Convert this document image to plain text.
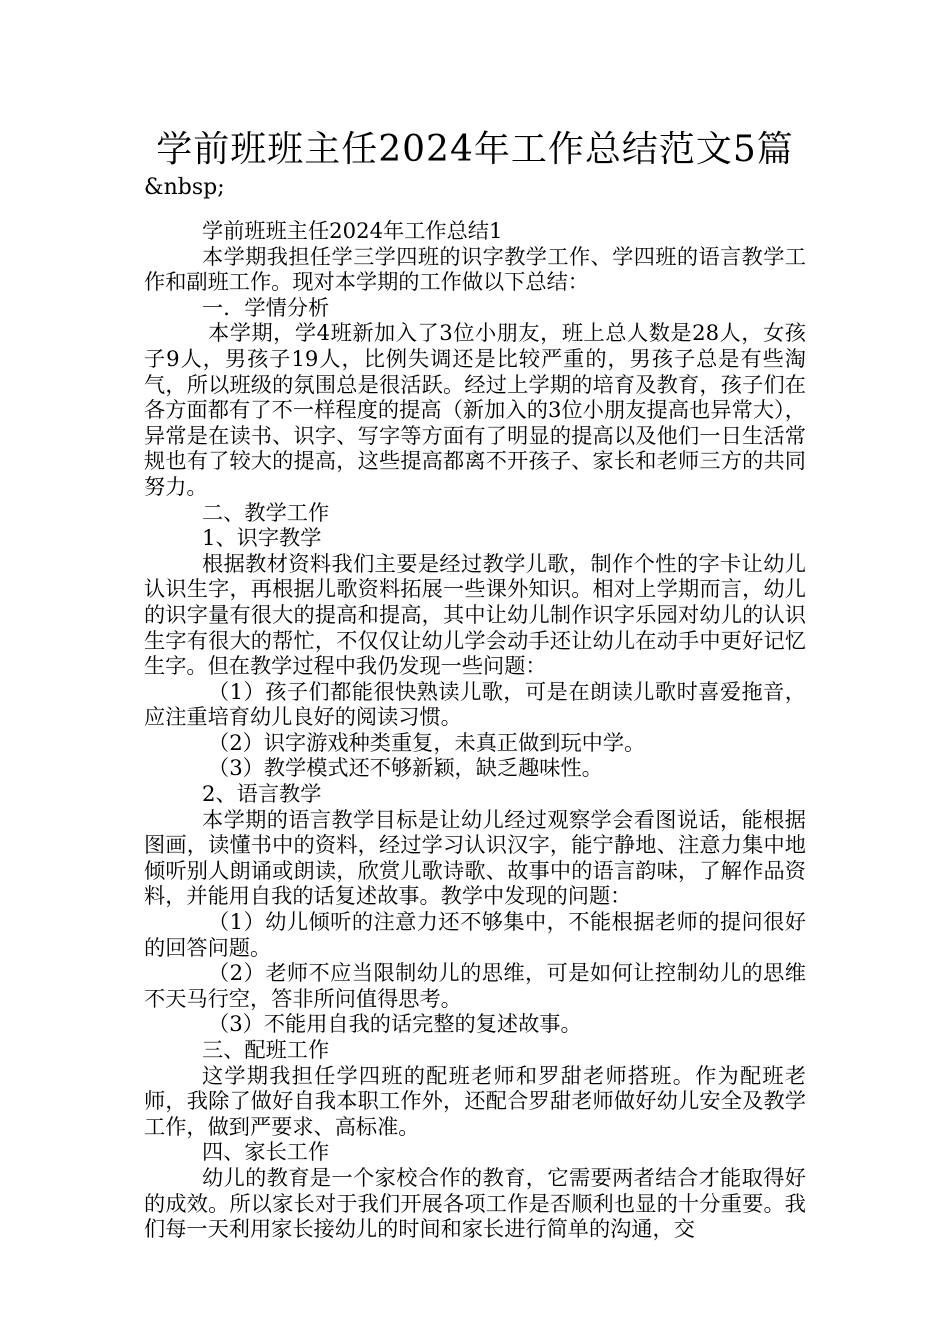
学前班班主任2024年工作总结范文5篇
&nbsp;

学前班班主任2024年工作总结1

本学期我担任学三学四班的识字教学工作、学四班的语言教学工作和副班工作。现对本学期的工作做以下总结：

一．学情分析

本学期，学4班新加入了3位小朋友，班上总人数是28人，女孩子9人，男孩子19人，比例失调还是比较严重的，男孩子总是有些淘气，所以班级的氛围总是很活跃。经过上学期的培育及教育，孩子们在各方面都有了不一样程度的提高（新加入的3位小朋友提高也异常大），异常是在读书、识字、写字等方面有了明显的提高以及他们一日生活常规也有了较大的提高，这些提高都离不开孩子、家长和老师三方的共同努力。

二、教学工作

1、识字教学

根据教材资料我们主要是经过教学儿歌，制作个性的字卡让幼儿认识生字，再根据儿歌资料拓展一些课外知识。相对上学期而言，幼儿的识字量有很大的提高和提高，其中让幼儿制作识字乐园对幼儿的认识生字有很大的帮忙，不仅仅让幼儿学会动手还让幼儿在动手中更好记忆生字。但在教学过程中我仍发现一些问题：

（1）孩子们都能很快熟读儿歌，可是在朗读儿歌时喜爱拖音，应注重培育幼儿良好的阅读习惯。

（2）识字游戏种类重复，未真正做到玩中学。

（3）教学模式还不够新颖，缺乏趣味性。

2、语言教学

本学期的语言教学目标是让幼儿经过观察学会看图说话，能根据图画，读懂书中的资料，经过学习认识汉字，能宁静地、注意力集中地倾听别人朗诵或朗读，欣赏儿歌诗歌、故事中的语言韵味，了解作品资料，并能用自我的话复述故事。教学中发现的问题：

（1）幼儿倾听的注意力还不够集中，不能根据老师的提问很好的回答问题。

（2）老师不应当限制幼儿的思维，可是如何让控制幼儿的思维不天马行空，答非所问值得思考。

（3）不能用自我的话完整的复述故事。

三、配班工作

这学期我担任学四班的配班老师和罗甜老师搭班。作为配班老师，我除了做好自我本职工作外，还配合罗甜老师做好幼儿安全及教学工作，做到严要求、高标准。

四、家长工作

幼儿的教育是一个家校合作的教育，它需要两者结合才能取得好的成效。所以家长对于我们开展各项工作是否顺利也显的十分重要。我们每一天利用家长接幼儿的时间和家长进行简单的沟通，交
